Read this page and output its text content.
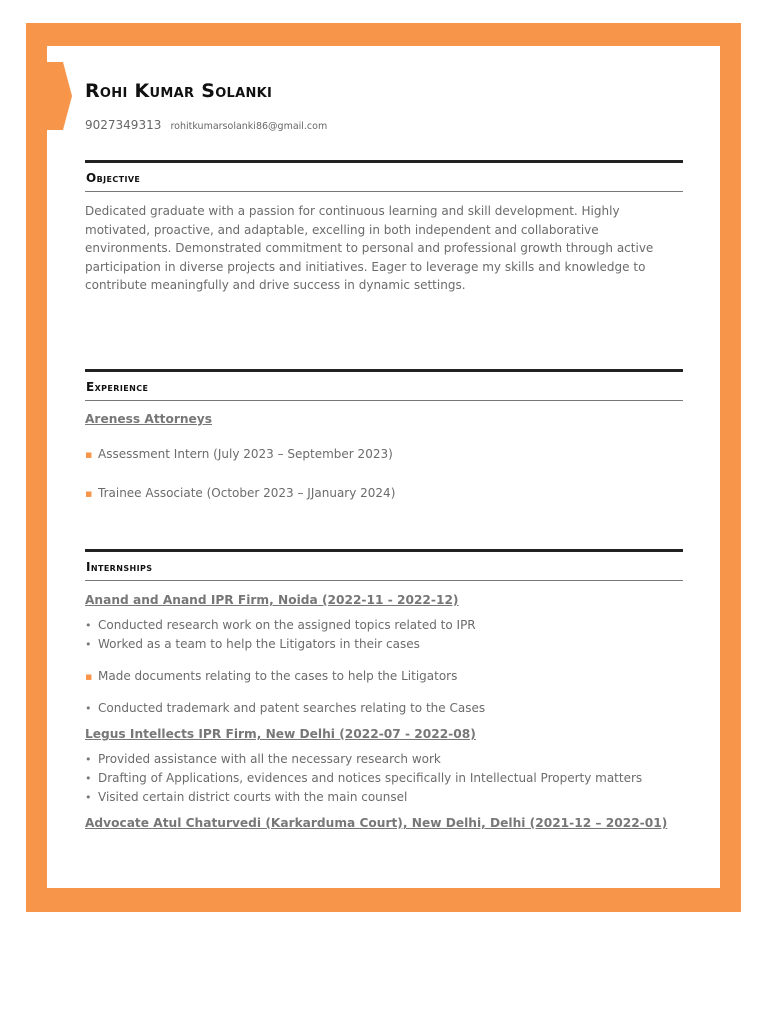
Rohi Kumar Solanki
9027349313 rohitkumarsolanki86@gmail.com
Objective

Dedicated graduate with a passion for continuous learning and skill development. Highly motivated, proactive, and adaptable, excelling in both independent and collaborative environments. Demonstrated commitment to personal and professional growth through active participation in diverse projects and initiatives. Eager to leverage my skills and knowledge to contribute meaningfully and drive success in dynamic settings.

Experience
Areness Attorneys
▪ Assessment Intern (July 2023 – September 2023)
▪ Trainee Associate (October 2023 – JJanuary 2024)
Internships
Anand and Anand IPR Firm, Noida (2022-11 - 2022-12)
• Conducted research work on the assigned topics related to IPR
• Worked as a team to help the Litigators in their cases
▪ Made documents relating to the cases to help the Litigators
• Conducted trademark and patent searches relating to the Cases
Legus Intellects IPR Firm, New Delhi (2022-07 - 2022-08)
• Provided assistance with all the necessary research work
• Drafting of Applications, evidences and notices specifically in Intellectual Property matters
• Visited certain district courts with the main counsel
Advocate Atul Chaturvedi (Karkarduma Court), New Delhi, Delhi (2021-12 – 2022-01)
